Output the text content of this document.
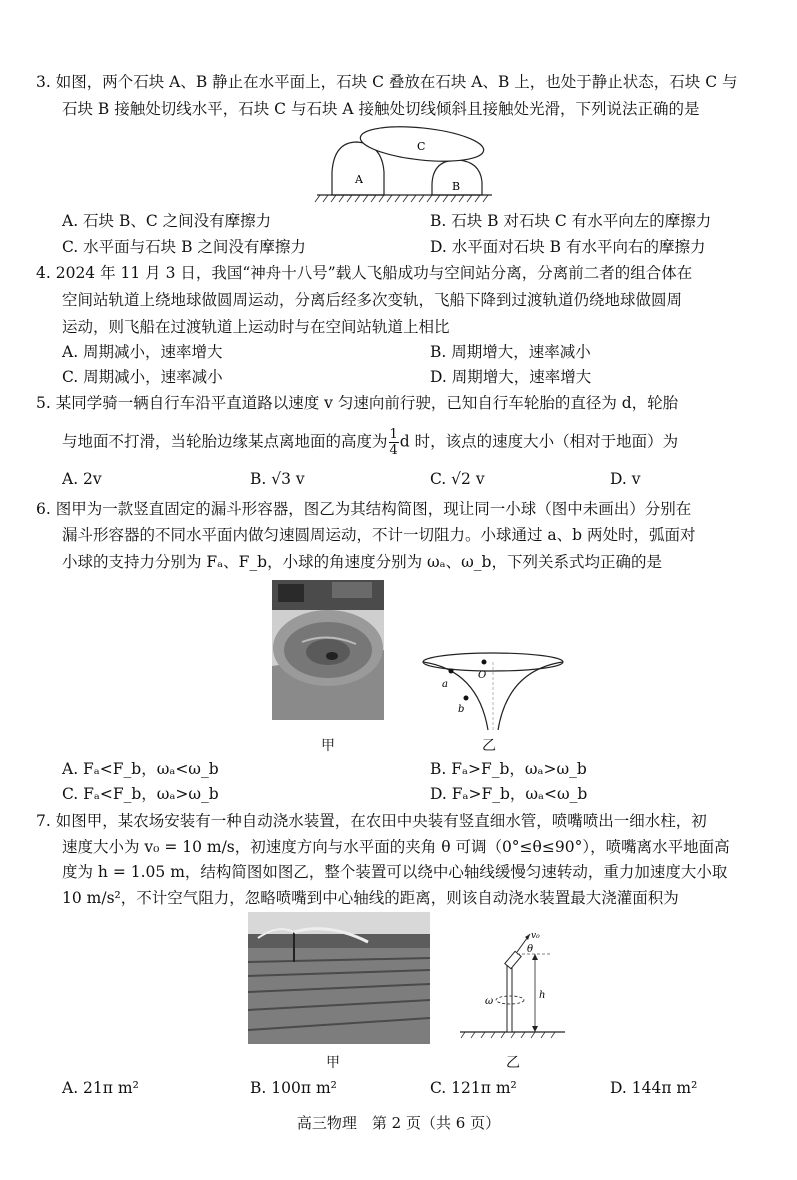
3. 如图，两个石块 A、B 静止在水平面上，石块 C 叠放在石块 A、B 上，也处于静止状态，石块 C 与
石块 B 接触处切线水平，石块 C 与石块 A 接触处切线倾斜且接触处光滑，下列说法正确的是
A
B
C
A. 石块 B、C 之间没有摩擦力	B. 石块 B 对石块 C 有水平向左的摩擦力
C. 水平面与石块 B 之间没有摩擦力	D. 水平面对石块 B 有水平向右的摩擦力
4. 2024 年 11 月 3 日，我国“神舟十八号”载人飞船成功与空间站分离，分离前二者的组合体在
空间站轨道上绕地球做圆周运动，分离后经多次变轨，飞船下降到过渡轨道仍绕地球做圆周
运动，则飞船在过渡轨道上运动时与在空间站轨道上相比
A. 周期减小，速率增大	B. 周期增大，速率减小
C. 周期减小，速率减小	D. 周期增大，速率增大
5. 某同学骑一辆自行车沿平直道路以速度 v 匀速向前行驶，已知自行车轮胎的直径为 d，轮胎
与地面不打滑，当轮胎边缘某点离地面的高度为 $\frac{1}{4}$ d 时，该点的速度大小（相对于地面）为
A. 2v	B. √3 v	C. √2 v	D. v
6. 图甲为一款竖直固定的漏斗形容器，图乙为其结构简图，现让同一小球（图中未画出）分别在
漏斗形容器的不同水平面内做匀速圆周运动，不计一切阻力。小球通过 a、b 两处时，弧面对
小球的支持力分别为 Fₐ、F_b，小球的角速度分别为 ωₐ、ω_b，下列关系式均正确的是
甲
O
a
b
乙
A. Fₐ<F_b，ωₐ<ω_b	B. Fₐ>F_b，ωₐ>ω_b
C. Fₐ<F_b，ωₐ>ω_b	D. Fₐ>F_b，ωₐ<ω_b
7. 如图甲，某农场安装有一种自动浇水装置，在农田中央装有竖直细水管，喷嘴喷出一细水柱，初
速度大小为 v₀ = 10 m/s，初速度方向与水平面的夹角 θ 可调（0°≤θ≤90°），喷嘴离水平地面高
度为 h = 1.05 m，结构简图如图乙，整个装置可以绕中心轴线缓慢匀速转动，重力加速度大小取
10 m/s²，不计空气阻力，忽略喷嘴到中心轴线的距离，则该自动浇水装置最大浇灌面积为
甲
v₀
θ
h
ω
乙
A. 21π m²	B. 100π m²	C. 121π m²	D. 144π m²
高三物理　第 2 页（共 6 页）
